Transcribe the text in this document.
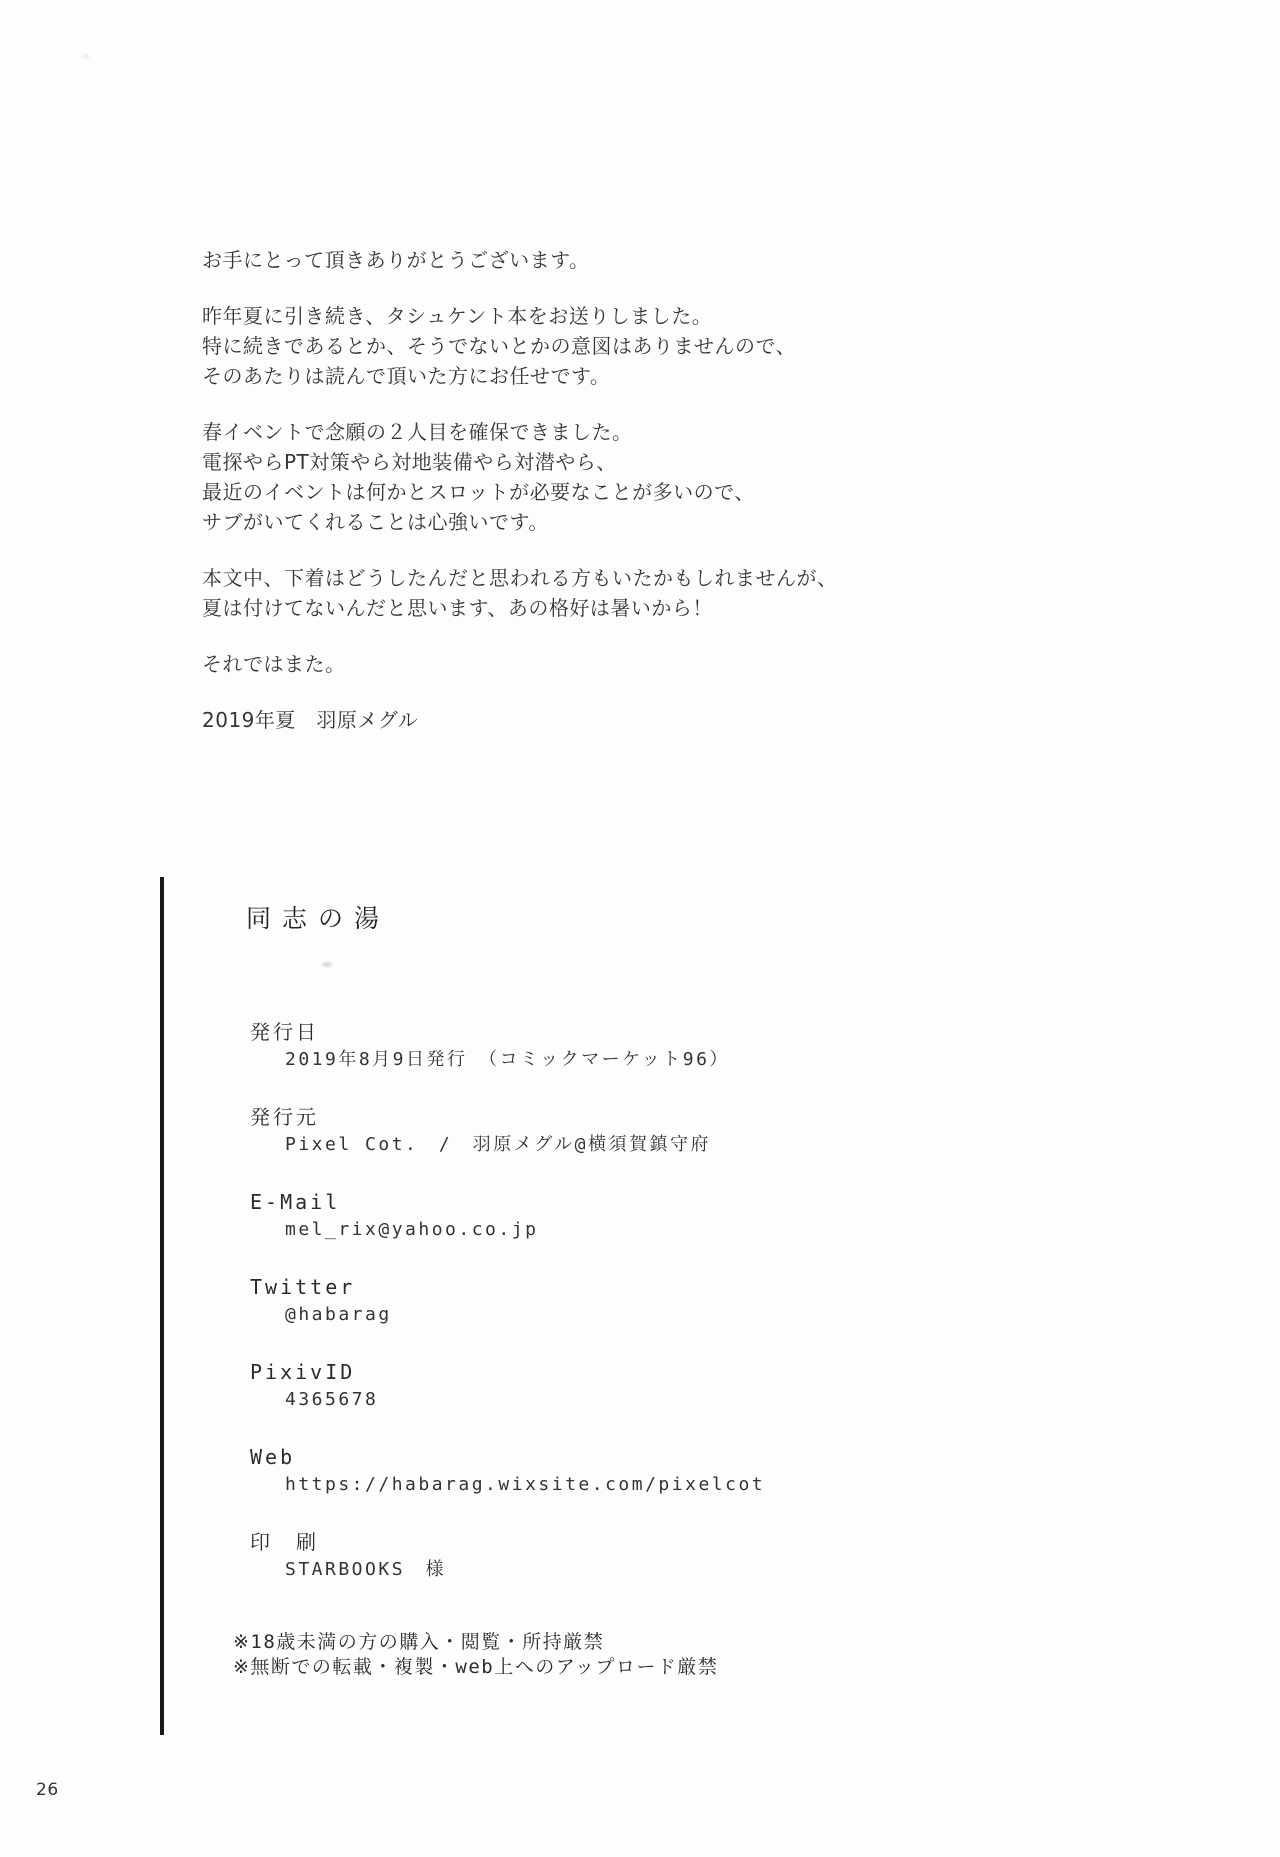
お手にとって頂きありがとうございます。

昨年夏に引き続き、タシュケント本をお送りしました。
特に続きであるとか、そうでないとかの意図はありませんので、
そのあたりは読んで頂いた方にお任せです。

春イベントで念願の２人目を確保できました。
電探やらPT対策やら対地装備やら対潜やら、
最近のイベントは何かとスロットが必要なことが多いので、
サブがいてくれることは心強いです。

本文中、下着はどうしたんだと思われる方もいたかもしれませんが、
夏は付けてないんだと思います、あの格好は暑いから！

それではまた。

2019年夏　羽原メグル

同志の湯
発行日
2019年8月9日発行　（コミックマーケット96）
発行元
Pixel Cot.　/　羽原メグル@横須賀鎮守府
E-Mail
mel_rix@yahoo.co.jp
Twitter
@habarag
PixivID
4365678
Web
https://habarag.wixsite.com/pixelcot
印　刷
STARBOOKS　様
※18歳未満の方の購入・閲覧・所持厳禁
※無断での転載・複製・web上へのアップロード厳禁
26
